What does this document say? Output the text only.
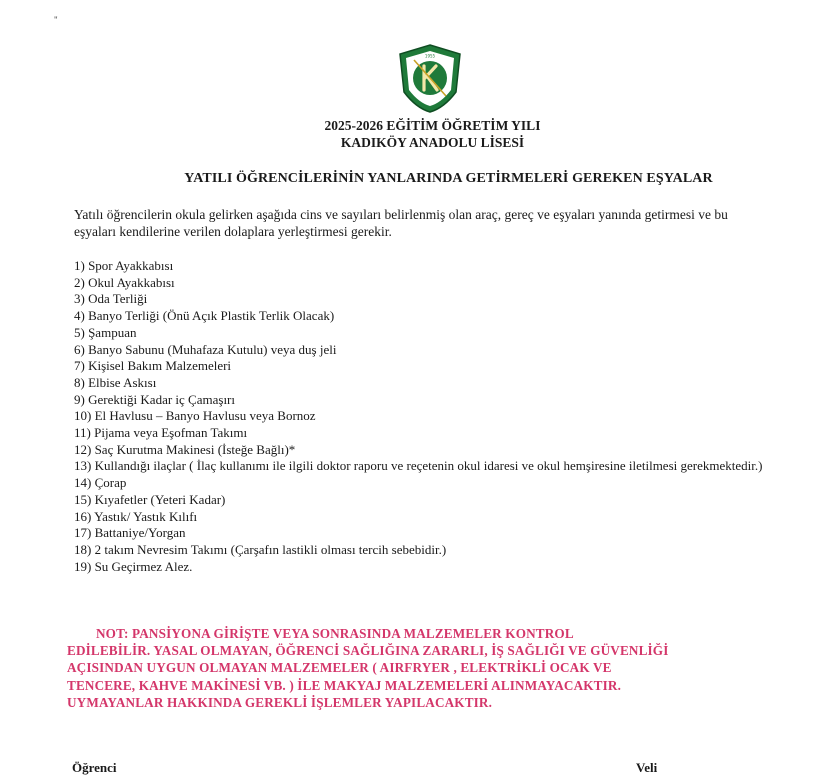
"
1955
2025-2026 EĞİTİM ÖĞRETİM YILI
KADIKÖY ANADOLU LİSESİ
YATILI ÖĞRENCİLERİNİN YANLARINDA GETİRMELERİ GEREKEN EŞYALAR
Yatılı öğrencilerin okula gelirken aşağıda cins ve sayıları belirlenmiş olan araç, gereç ve eşyaları yanında getirmesi ve bu eşyaları kendilerine verilen dolaplara yerleştirmesi gerekir.
1) Spor Ayakkabısı
2) Okul Ayakkabısı
3) Oda Terliği
4) Banyo Terliği (Önü Açık Plastik Terlik Olacak)
5) Şampuan
6) Banyo Sabunu (Muhafaza Kutulu) veya duş jeli
7) Kişisel Bakım Malzemeleri
8) Elbise Askısı
9) Gerektiği Kadar iç Çamaşırı
10) El Havlusu – Banyo Havlusu veya Bornoz
11) Pijama veya Eşofman Takımı
12) Saç Kurutma Makinesi (İsteğe Bağlı)*
13) Kullandığı ilaçlar ( İlaç kullanımı ile ilgili doktor raporu ve reçetenin okul idaresi ve okul hemşiresine iletilmesi gerekmektedir.)
14) Çorap
15) Kıyafetler (Yeteri Kadar)
16) Yastık/ Yastık Kılıfı
17) Battaniye/Yorgan
18) 2 takım Nevresim Takımı (Çarşafın lastikli olması tercih sebebidir.)
19) Su Geçirmez Alez.
NOT: PANSİYONA GİRİŞTE VEYA SONRASINDA MALZEMELER KONTROL
EDİLEBİLİR. YASAL OLMAYAN, ÖĞRENCİ SAĞLIĞINA ZARARLI, İŞ SAĞLIĞI VE GÜVENLİĞİ
AÇISINDAN UYGUN OLMAYAN MALZEMELER ( AIRFRYER , ELEKTRİKLİ OCAK VE
TENCERE, KAHVE MAKİNESİ VB. ) İLE MAKYAJ MALZEMELERİ ALINMAYACAKTIR.
UYMAYANLAR HAKKINDA GEREKLİ İŞLEMLER YAPILACAKTIR.
Öğrenci	Veli
